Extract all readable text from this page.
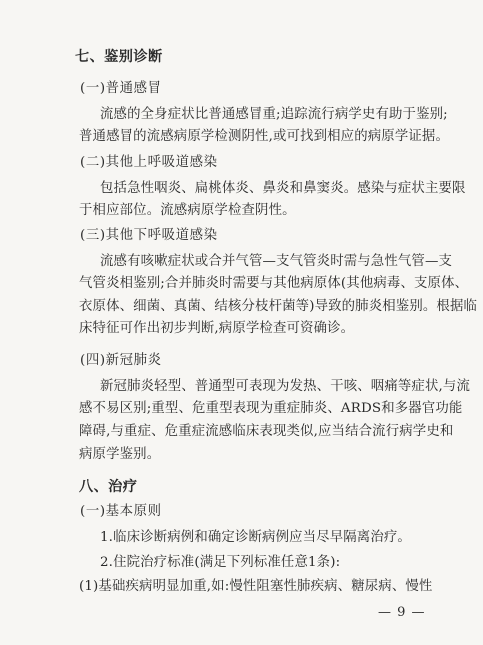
七、鉴别诊断
(一)普通感冒
流感的全身症状比普通感冒重;追踪流行病学史有助于鉴别;
普通感冒的流感病原学检测阴性,或可找到相应的病原学证据。
(二)其他上呼吸道感染
包括急性咽炎、扁桃体炎、鼻炎和鼻窦炎。感染与症状主要限
于相应部位。流感病原学检查阴性。
(三)其他下呼吸道感染
流感有咳嗽症状或合并气管—支气管炎时需与急性气管—支
气管炎相鉴别;合并肺炎时需要与其他病原体(其他病毒、支原体、
衣原体、细菌、真菌、结核分枝杆菌等)导致的肺炎相鉴别。根据临
床特征可作出初步判断,病原学检查可资确诊。
(四)新冠肺炎
新冠肺炎轻型、普通型可表现为发热、干咳、咽痛等症状,与流
感不易区别;重型、危重型表现为重症肺炎、ARDS和多器官功能
障碍,与重症、危重症流感临床表现类似,应当结合流行病学史和
病原学鉴别。
八、治疗
(一)基本原则
1.临床诊断病例和确定诊断病例应当尽早隔离治疗。
2.住院治疗标准(满足下列标准任意1条):
(1)基础疾病明显加重,如:慢性阻塞性肺疾病、糖尿病、慢性
— 9 —
